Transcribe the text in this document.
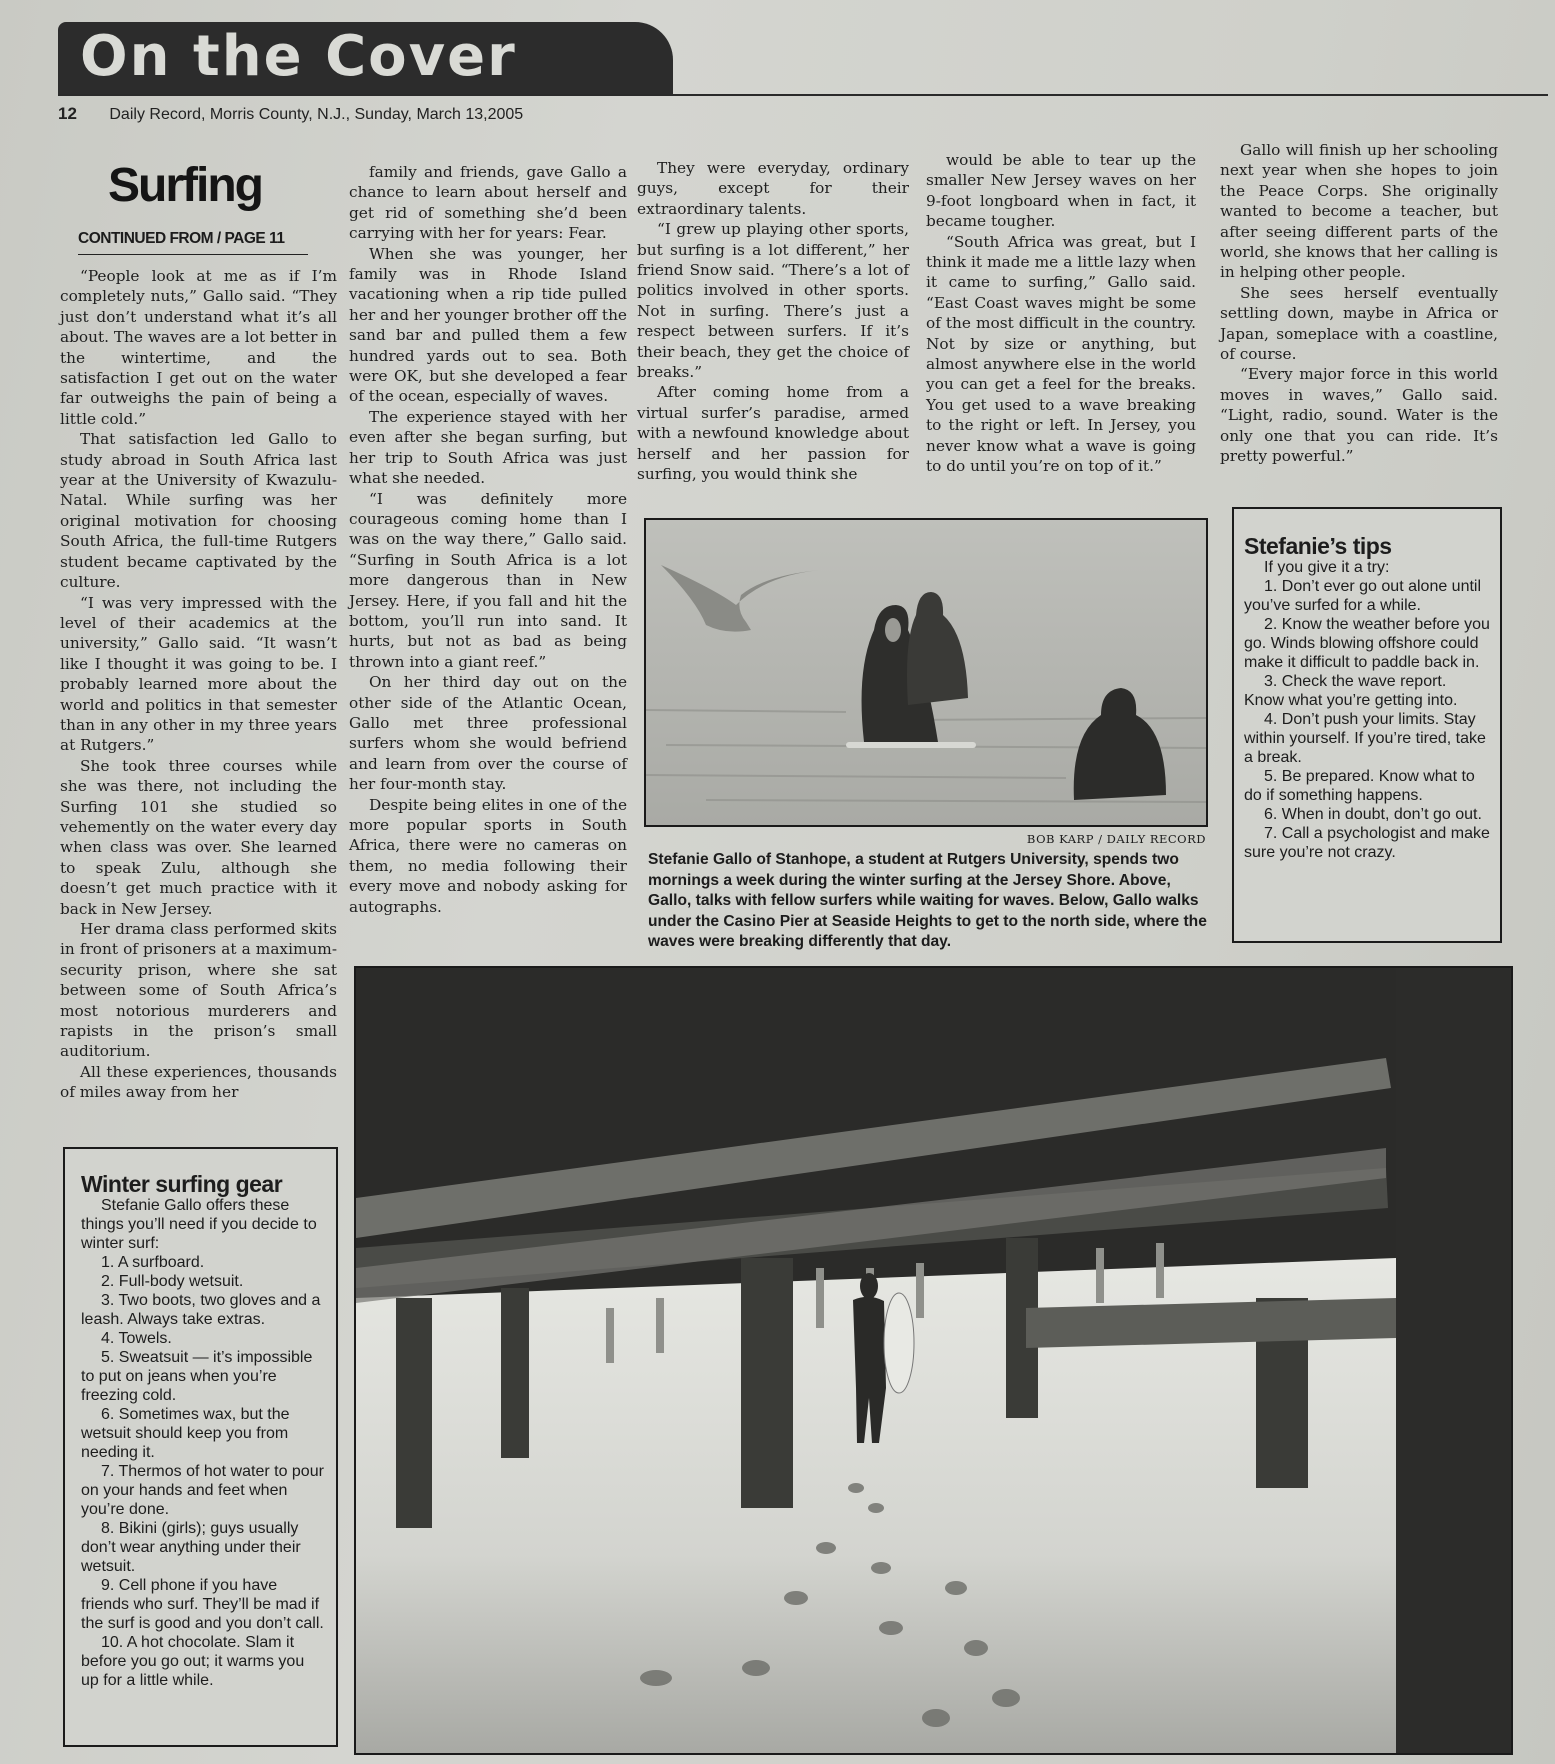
On the Cover
12 Daily Record, Morris County, N.J., Sunday, March 13,2005
Surfing
CONTINUED FROM / PAGE 11

“People look at me as if I’m completely nuts,” Gallo said. “They just don’t understand what it’s all about. The waves are a lot better in the wintertime, and the satisfaction I get out on the water far outweighs the pain of being a little cold.”

That satisfaction led Gallo to study abroad in South Africa last year at the University of Kwazulu-Natal. While surfing was her original motivation for choosing South Africa, the full-time Rutgers student became captivated by the culture.

“I was very impressed with the level of their academics at the university,” Gallo said. “It wasn’t like I thought it was going to be. I probably learned more about the world and politics in that semester than in any other in my three years at Rutgers.”

She took three courses while she was there, not including the Surfing 101 she studied so vehemently on the water every day when class was over. She learned to speak Zulu, although she doesn’t get much practice with it back in New Jersey.

Her drama class performed skits in front of prisoners at a maximum-security prison, where she sat between some of South Africa’s most notorious murderers and rapists in the prison’s small auditorium.

All these experiences, thousands of miles away from her

family and friends, gave Gallo a chance to learn about herself and get rid of something she’d been carrying with her for years: Fear.

When she was younger, her family was in Rhode Island vacationing when a rip tide pulled her and her younger brother off the sand bar and pulled them a few hundred yards out to sea. Both were OK, but she developed a fear of the ocean, especially of waves.

The experience stayed with her even after she began surfing, but her trip to South Africa was just what she needed.

“I was definitely more courageous coming home than I was on the way there,” Gallo said. “Surfing in South Africa is a lot more dangerous than in New Jersey. Here, if you fall and hit the bottom, you’ll run into sand. It hurts, but not as bad as being thrown into a giant reef.”

On her third day out on the other side of the Atlantic Ocean, Gallo met three professional surfers whom she would befriend and learn from over the course of her four-month stay.

Despite being elites in one of the more popular sports in South Africa, there were no cameras on them, no media following their every move and nobody asking for autographs.

They were everyday, ordinary guys, except for their extraordinary talents.

“I grew up playing other sports, but surfing is a lot different,” her friend Snow said. “There’s a lot of politics involved in other sports. Not in surfing. There’s just a respect between surfers. If it’s their beach, they get the choice of breaks.”

After coming home from a virtual surfer’s paradise, armed with a newfound knowledge about herself and her passion for surfing, you would think she

would be able to tear up the smaller New Jersey waves on her 9-foot longboard when in fact, it became tougher.

“South Africa was great, but I think it made me a little lazy when it came to surfing,” Gallo said. “East Coast waves might be some of the most difficult in the country. Not by size or anything, but almost anywhere else in the world you can get a feel for the breaks. You get used to a wave breaking to the right or left. In Jersey, you never know what a wave is going to do until you’re on top of it.”

Gallo will finish up her schooling next year when she hopes to join the Peace Corps. She originally wanted to become a teacher, but after seeing different parts of the world, she knows that her calling is in helping other people.

She sees herself eventually settling down, maybe in Africa or Japan, someplace with a coastline, of course.

“Every major force in this world moves in waves,” Gallo said. “Light, radio, sound. Water is the only one that you can ride. It’s pretty powerful.”

BOB KARP / DAILY RECORD
Stefanie Gallo of Stanhope, a student at Rutgers University, spends two mornings a week during the winter surfing at the Jersey Shore. Above, Gallo, talks with fellow surfers while waiting for waves. Below, Gallo walks under the Casino Pier at Seaside Heights to get to the north side, where the waves were breaking differently that day.
Stefanie’s tips

If you give it a try:

1. Don’t ever go out alone until you’ve surfed for a while.
2. Know the weather before you go. Winds blowing offshore could make it difficult to paddle back in.
3. Check the wave report. Know what you’re getting into.
4. Don’t push your limits. Stay within yourself. If you’re tired, take a break.
5. Be prepared. Know what to do if something happens.
6. When in doubt, don’t go out.
7. Call a psychologist and make sure you’re not crazy.
Winter surfing gear

Stefanie Gallo offers these things you’ll need if you decide to winter surf:

1. A surfboard.
2. Full-body wetsuit.
3. Two boots, two gloves and a leash. Always take extras.
4. Towels.
5. Sweatsuit — it’s impossible to put on jeans when you’re freezing cold.
6. Sometimes wax, but the wetsuit should keep you from needing it.
7. Thermos of hot water to pour on your hands and feet when you’re done.
8. Bikini (girls); guys usually don’t wear anything under their wetsuit.
9. Cell phone if you have friends who surf. They’ll be mad if the surf is good and you don’t call.
10. A hot chocolate. Slam it before you go out; it warms you up for a little while.
